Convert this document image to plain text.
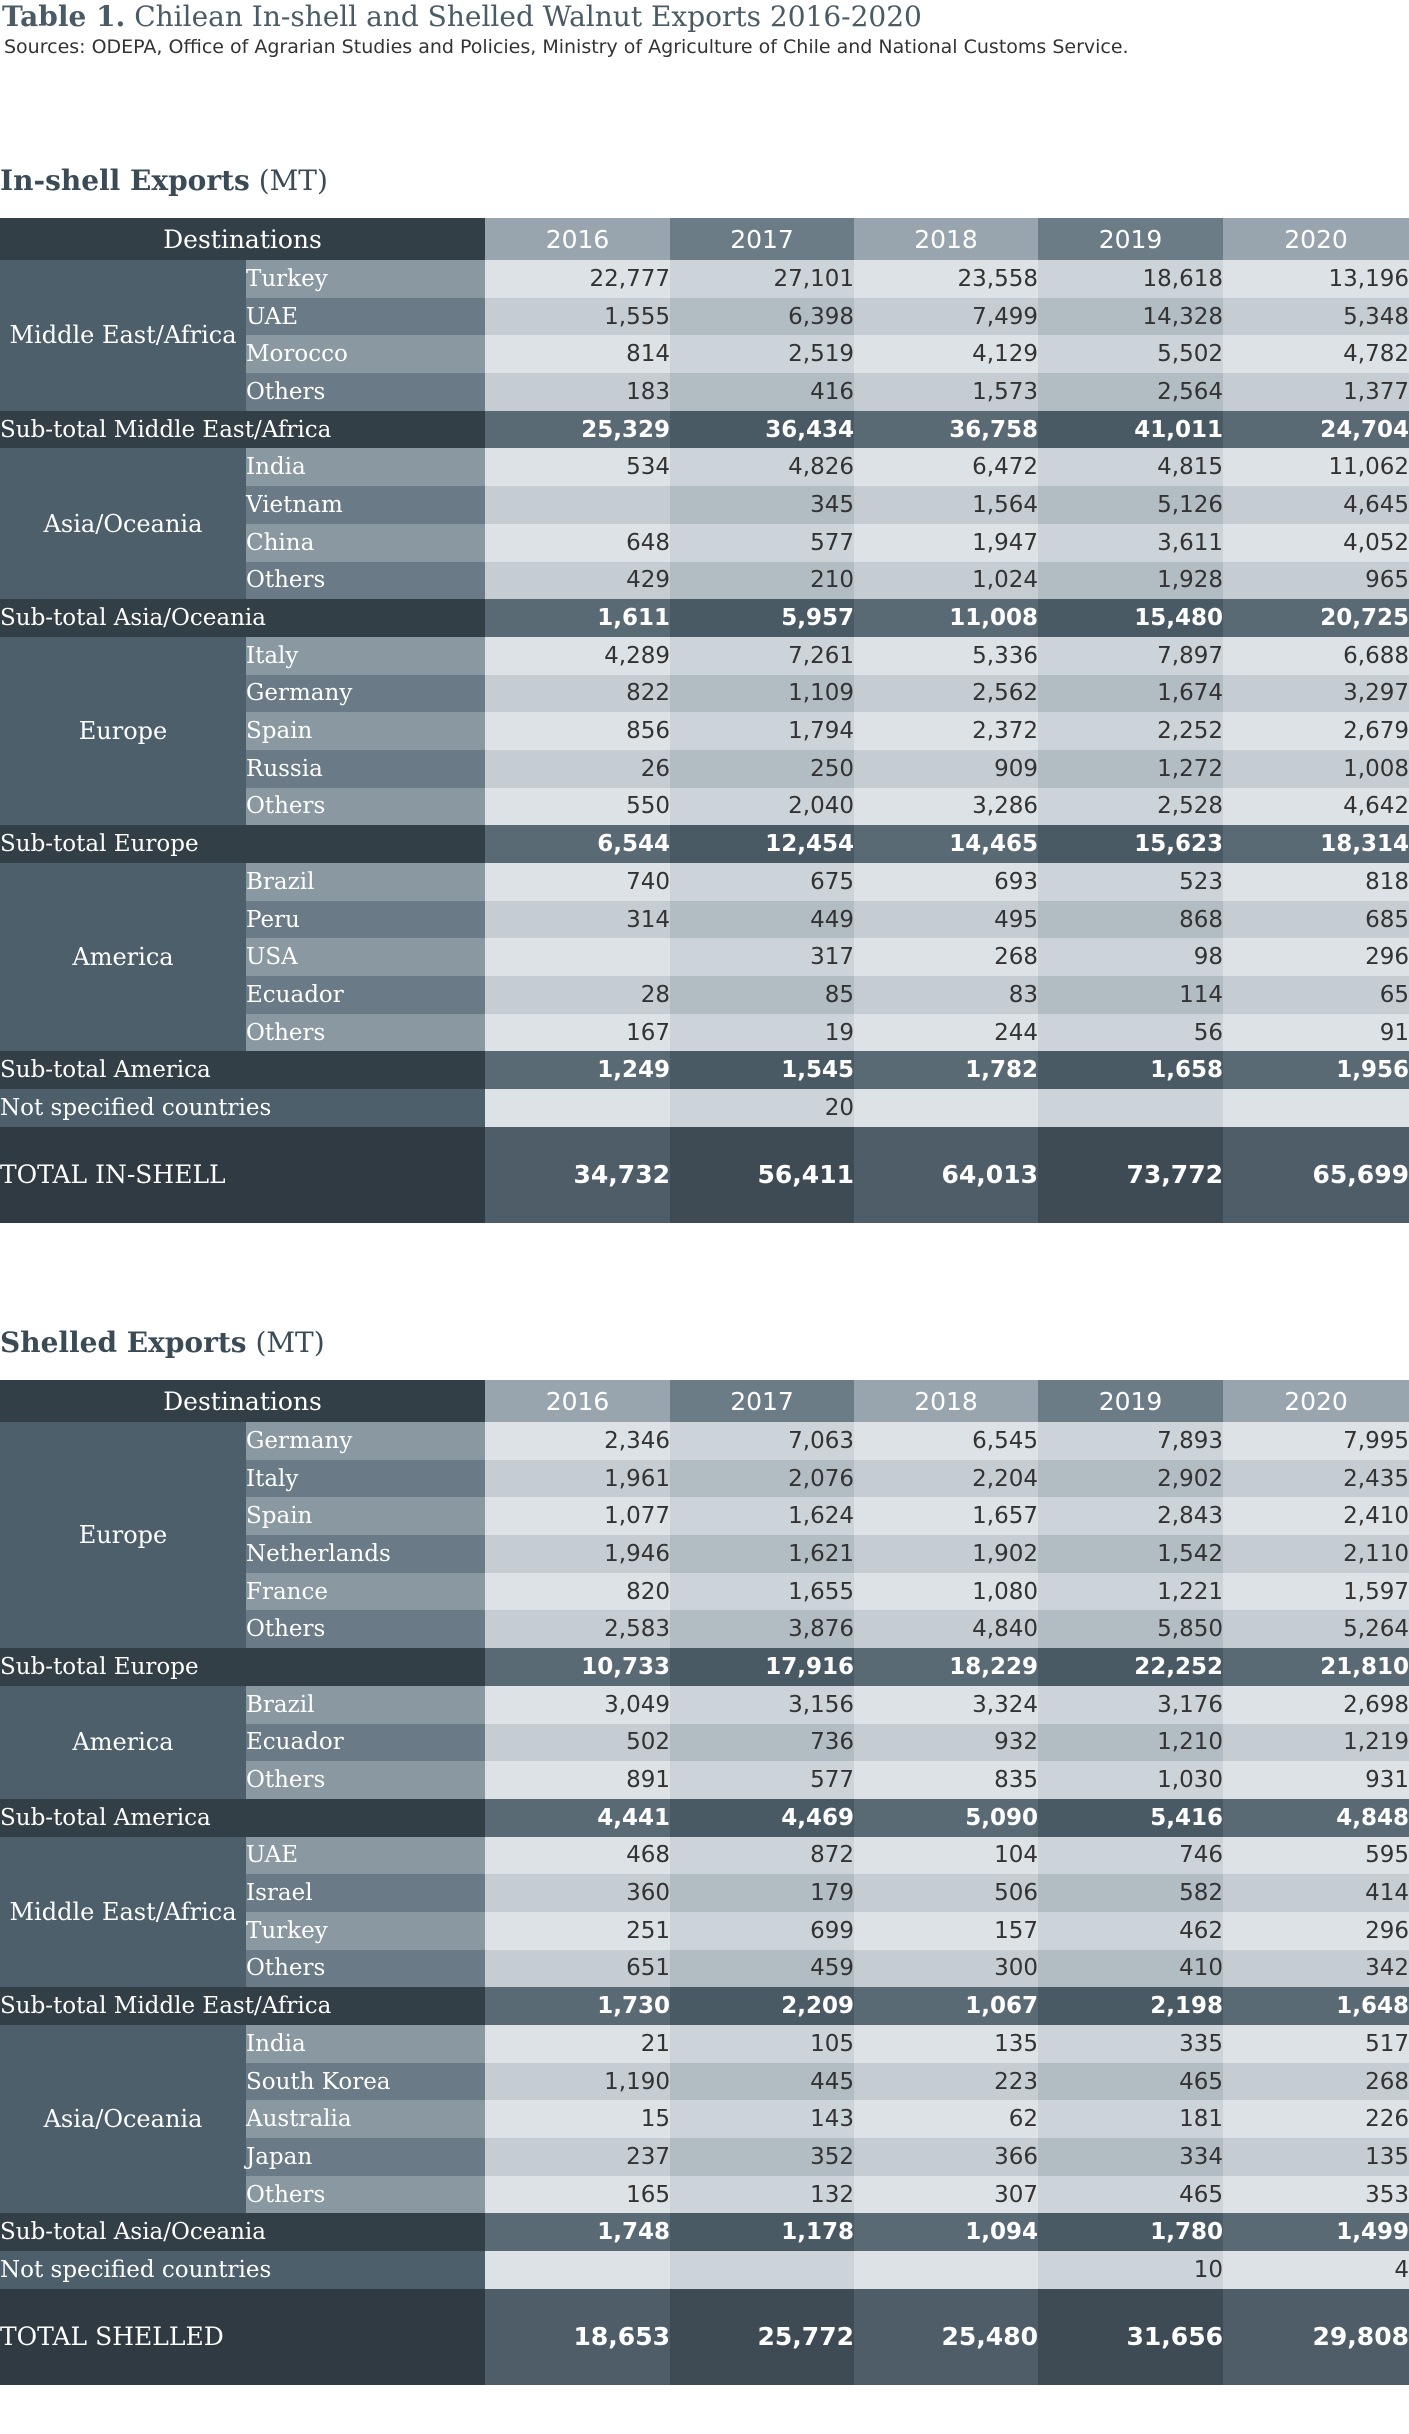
Table 1. Chilean In-shell and Shelled Walnut Exports 2016-2020
Sources: ODEPA, Office of Agrarian Studies and Policies, Ministry of Agriculture of Chile and National Customs Service.
In-shell Exports (MT)
Destinations		2016	2017	2018	2019	2020
Middle East/Africa	Turkey	22,777	27,101	23,558	18,618	13,196
	UAE	1,555	6,398	7,499	14,328	5,348
	Morocco	814	2,519	4,129	5,502	4,782
	Others	183	416	1,573	2,564	1,377
Sub-total Middle East/Africa		25,329	36,434	36,758	41,011	24,704
Asia/Oceania	India	534	4,826	6,472	4,815	11,062
	Vietnam		345	1,564	5,126	4,645
	China	648	577	1,947	3,611	4,052
	Others	429	210	1,024	1,928	965
Sub-total Asia/Oceania		1,611	5,957	11,008	15,480	20,725
Europe	Italy	4,289	7,261	5,336	7,897	6,688
	Germany	822	1,109	2,562	1,674	3,297
	Spain	856	1,794	2,372	2,252	2,679
	Russia	26	250	909	1,272	1,008
	Others	550	2,040	3,286	2,528	4,642
Sub-total Europe		6,544	12,454	14,465	15,623	18,314
America	Brazil	740	675	693	523	818
	Peru	314	449	495	868	685
	USA		317	268	98	296
	Ecuador	28	85	83	114	65
	Others	167	19	244	56	91
Sub-total America		1,249	1,545	1,782	1,658	1,956
Not specified countries			20			
TOTAL IN-SHELL		34,732	56,411	64,013	73,772	65,699
Shelled Exports (MT)
Destinations		2016	2017	2018	2019	2020
Europe	Germany	2,346	7,063	6,545	7,893	7,995
	Italy	1,961	2,076	2,204	2,902	2,435
	Spain	1,077	1,624	1,657	2,843	2,410
	Netherlands	1,946	1,621	1,902	1,542	2,110
	France	820	1,655	1,080	1,221	1,597
	Others	2,583	3,876	4,840	5,850	5,264
Sub-total Europe		10,733	17,916	18,229	22,252	21,810
America	Brazil	3,049	3,156	3,324	3,176	2,698
	Ecuador	502	736	932	1,210	1,219
	Others	891	577	835	1,030	931
Sub-total America		4,441	4,469	5,090	5,416	4,848
Middle East/Africa	UAE	468	872	104	746	595
	Israel	360	179	506	582	414
	Turkey	251	699	157	462	296
	Others	651	459	300	410	342
Sub-total Middle East/Africa		1,730	2,209	1,067	2,198	1,648
Asia/Oceania	India	21	105	135	335	517
	South Korea	1,190	445	223	465	268
	Australia	15	143	62	181	226
	Japan	237	352	366	334	135
	Others	165	132	307	465	353
Sub-total Asia/Oceania		1,748	1,178	1,094	1,780	1,499
Not specified countries					10	4
TOTAL SHELLED		18,653	25,772	25,480	31,656	29,808
